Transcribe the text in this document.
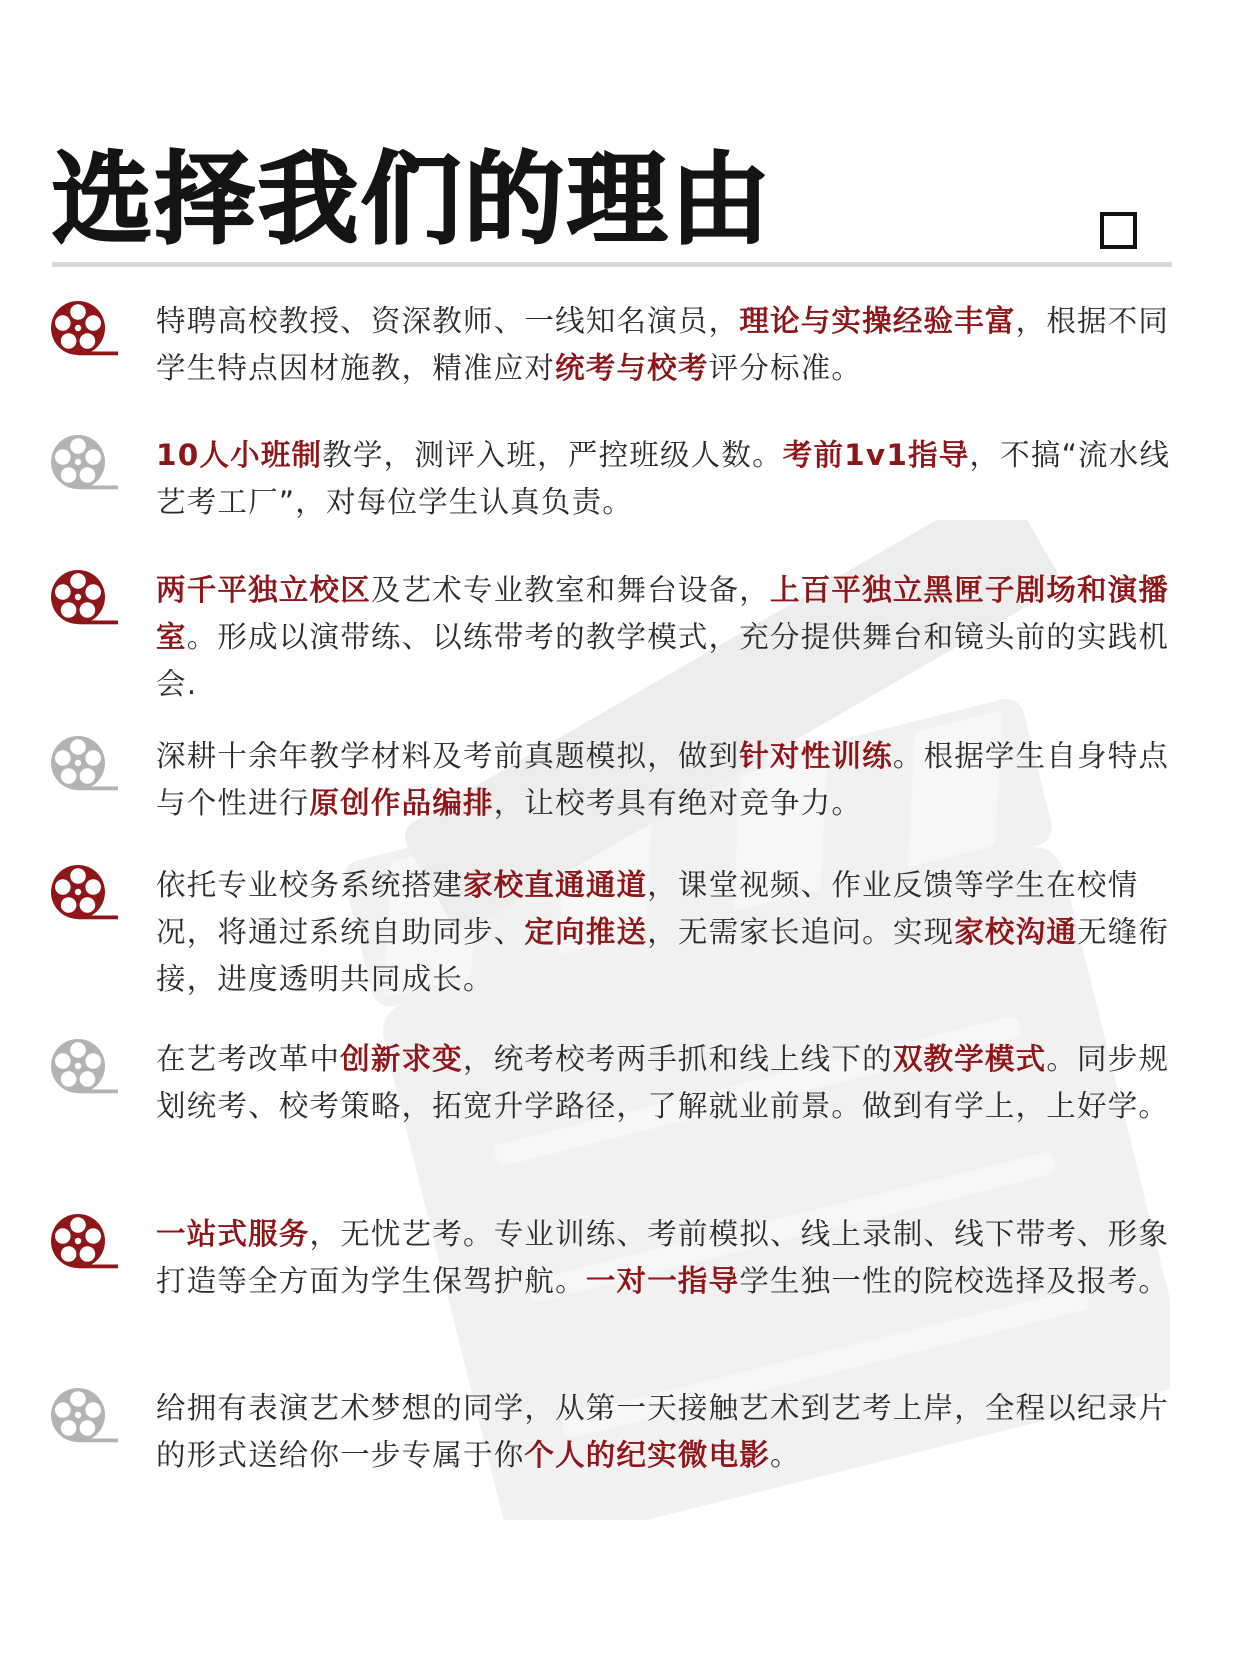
选择我们的理由

特聘高校教授、资深教师、一线知名演员，理论与实操经验丰富，根据不同学生特点因材施教，精准应对统考与校考评分标准。

10人小班制教学，测评入班，严控班级人数。考前1v1指导，不搞“流水线艺考工厂”，对每位学生认真负责。

两千平独立校区及艺术专业教室和舞台设备，上百平独立黑匣子剧场和演播室。形成以演带练、以练带考的教学模式，充分提供舞台和镜头前的实践机会.

深耕十余年教学材料及考前真题模拟，做到针对性训练。根据学生自身特点与个性进行原创作品编排，让校考具有绝对竞争力。

依托专业校务系统搭建家校直通通道，课堂视频、作业反馈等学生在校情况，将通过系统自助同步、定向推送，无需家长追问。实现家校沟通无缝衔接，进度透明共同成长。

在艺考改革中创新求变，统考校考两手抓和线上线下的双教学模式。同步规划统考、校考策略，拓宽升学路径，了解就业前景。做到有学上，上好学。

一站式服务，无忧艺考。专业训练、考前模拟、线上录制、线下带考、形象打造等全方面为学生保驾护航。一对一指导学生独一性的院校选择及报考。

给拥有表演艺术梦想的同学，从第一天接触艺术到艺考上岸，全程以纪录片的形式送给你一步专属于你个人的纪实微电影。
